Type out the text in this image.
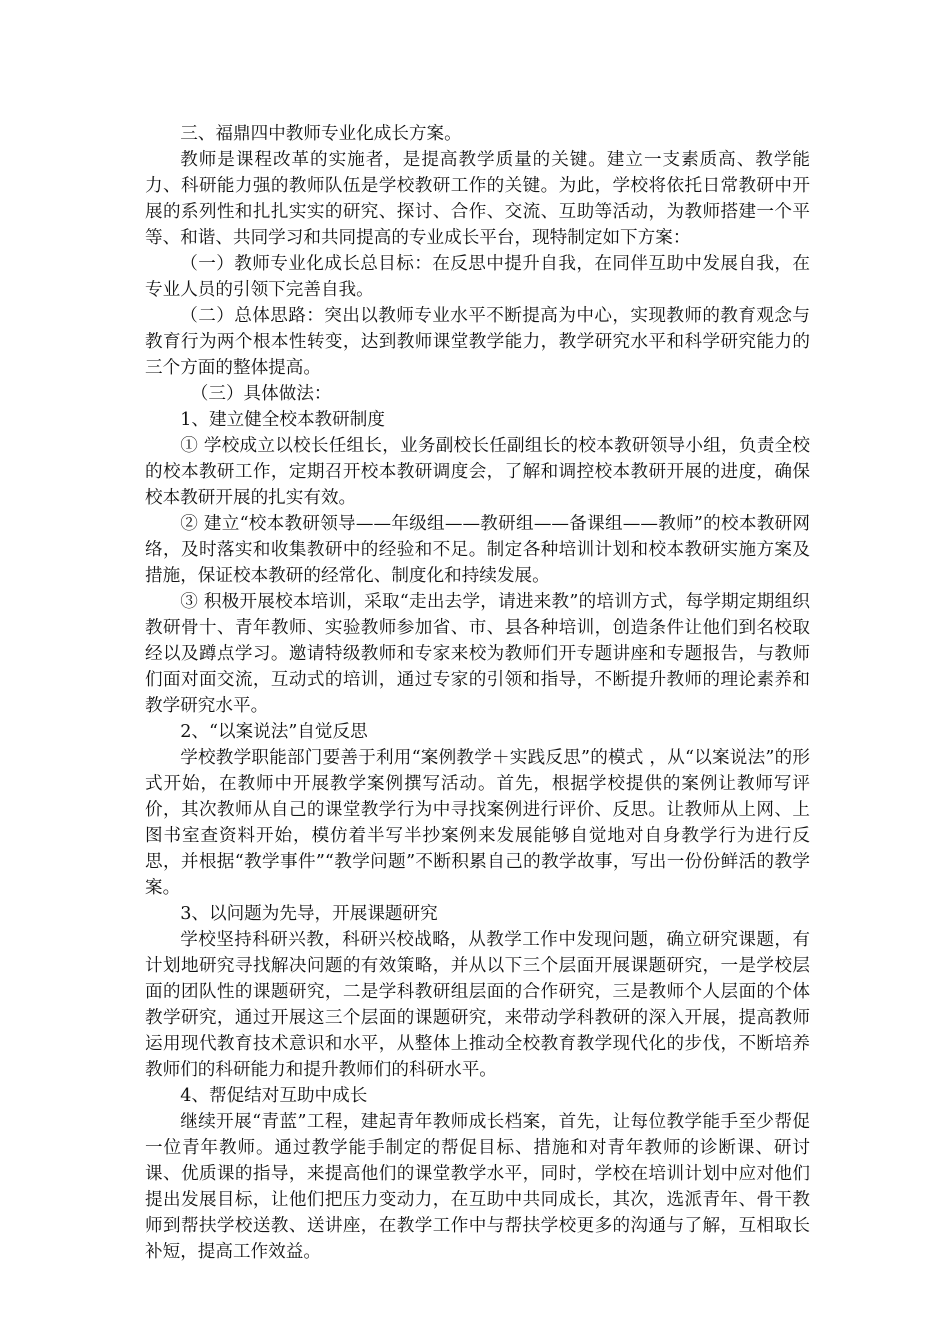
三、福鼎四中教师专业化成长方案。

教师是课程改革的实施者，是提高教学质量的关键。建立一支素质高、教学能力、科研能力强的教师队伍是学校教研工作的关键。为此，学校将依托日常教研中开展的系列性和扎扎实实的研究、探讨、合作、交流、互助等活动，为教师搭建一个平等、和谐、共同学习和共同提高的专业成长平台，现特制定如下方案：

（一）教师专业化成长总目标：在反思中提升自我，在同伴互助中发展自我，在专业人员的引领下完善自我。

（二）总体思路：突出以教师专业水平不断提高为中心，实现教师的教育观念与教育行为两个根本性转变，达到教师课堂教学能力，教学研究水平和科学研究能力的三个方面的整体提高。

（三）具体做法：

1、建立健全校本教研制度

① 学校成立以校长任组长，业务副校长任副组长的校本教研领导小组，负责全校的校本教研工作，定期召开校本教研调度会，了解和调控校本教研开展的进度，确保校本教研开展的扎实有效。

② 建立“校本教研领导——年级组——教研组——备课组——教师”的校本教研网络，及时落实和收集教研中的经验和不足。制定各种培训计划和校本教研实施方案及措施，保证校本教研的经常化、制度化和持续发展。

③ 积极开展校本培训，采取“走出去学，请进来教”的培训方式，每学期定期组织教研骨十、青年教师、实验教师参加省、市、县各种培训，创造条件让他们到名校取经以及蹲点学习。邀请特级教师和专家来校为教师们开专题讲座和专题报告，与教师们面对面交流，互动式的培训，通过专家的引领和指导，不断提升教师的理论素养和教学研究水平。

2、“以案说法”自觉反思

学校教学职能部门要善于利用“案例教学＋实践反思”的模式 ，从“以案说法”的形式开始，在教师中开展教学案例撰写活动。首先，根据学校提供的案例让教师写评价，其次教师从自己的课堂教学行为中寻找案例进行评价、反思。让教师从上网、上图书室查资料开始，模仿着半写半抄案例来发展能够自觉地对自身教学行为进行反思，并根据“教学事件”“教学问题”不断积累自己的教学故事，写出一份份鲜活的教学案。

3、以问题为先导，开展课题研究

学校坚持科研兴教，科研兴校战略，从教学工作中发现问题，确立研究课题，有计划地研究寻找解决问题的有效策略，并从以下三个层面开展课题研究，一是学校层面的团队性的课题研究，二是学科教研组层面的合作研究，三是教师个人层面的个体教学研究，通过开展这三个层面的课题研究，来带动学科教研的深入开展，提高教师运用现代教育技术意识和水平，从整体上推动全校教育教学现代化的步伐，不断培养教师们的科研能力和提升教师们的科研水平。

4、帮促结对互助中成长

继续开展“青蓝”工程，建起青年教师成长档案，首先，让每位教学能手至少帮促一位青年教师。通过教学能手制定的帮促目标、措施和对青年教师的诊断课、研讨课、优质课的指导，来提高他们的课堂教学水平，同时，学校在培训计划中应对他们提出发展目标，让他们把压力变动力，在互助中共同成长，其次，选派青年、骨干教师到帮扶学校送教、送讲座，在教学工作中与帮扶学校更多的沟通与了解，互相取长补短，提高工作效益。
